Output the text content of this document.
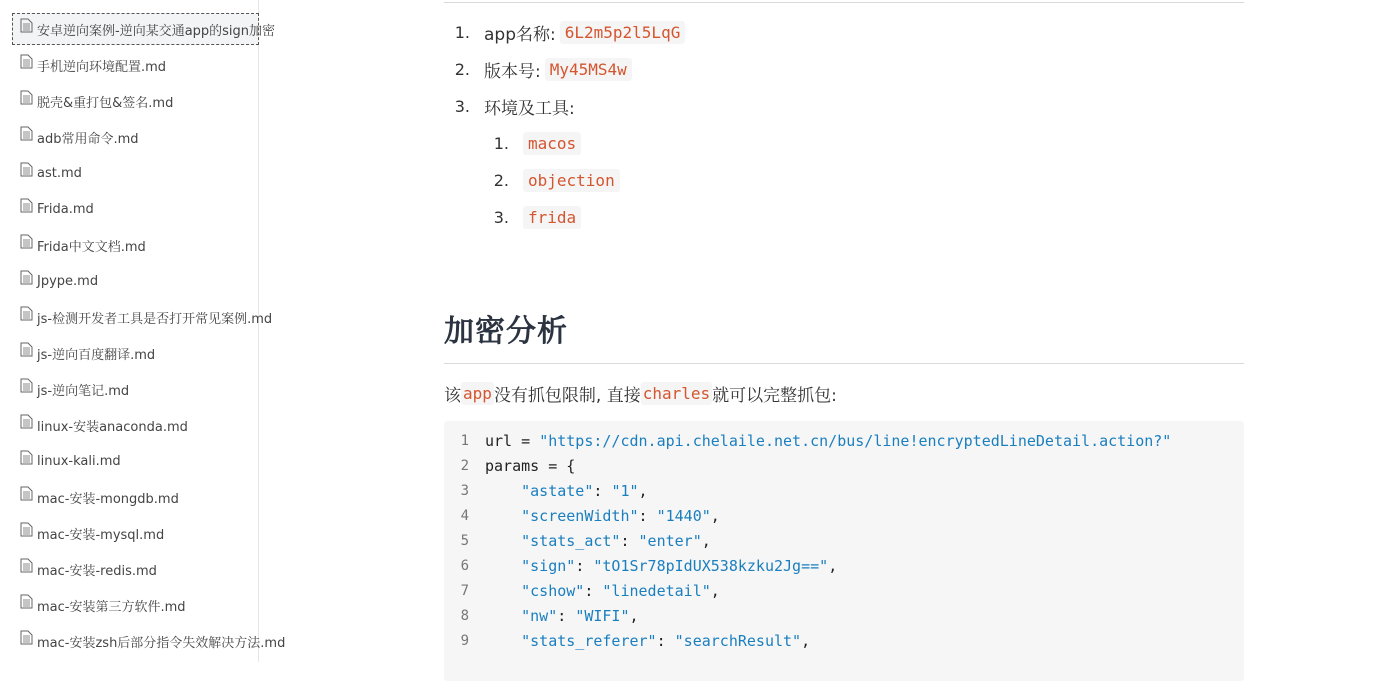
安卓逆向案例-逆向某交通app的sign加密
手机逆向环境配置.md
脱壳&重打包&签名.md
adb常用命令.md
ast.md
Frida.md
Frida中文文档.md
Jpype.md
js-检测开发者工具是否打开常见案例.md
js-逆向百度翻译.md
js-逆向笔记.md
linux-安装anaconda.md
linux-kali.md
mac-安装-mongdb.md
mac-安装-mysql.md
mac-安装-redis.md
mac-安装第三方软件.md
mac-安装zsh后部分指令失效解决方法.md
1. app名称: 6L2m5p2l5LqG
2. 版本号: My45MS4w
3. 环境及工具:
1.	macos
2.	objection
3.	frida
加密分析
该 app 没有抓包限制, 直接 charles 就可以完整抓包:
1 url = "https://cdn.api.chelaile.net.cn/bus/line!encryptedLineDetail.action?"
2 params = {
3
	"astate" : "1" ,
4
	"screenWidth" : "1440" ,
5
	"stats_act" : "enter" ,
6
	"sign" : "tO1Sr78pIdUX538kzku2Jg==" ,
7
	"cshow" : "linedetail" ,
8
	"nw" : "WIFI" ,
9
	"stats_referer" : "searchResult" ,
